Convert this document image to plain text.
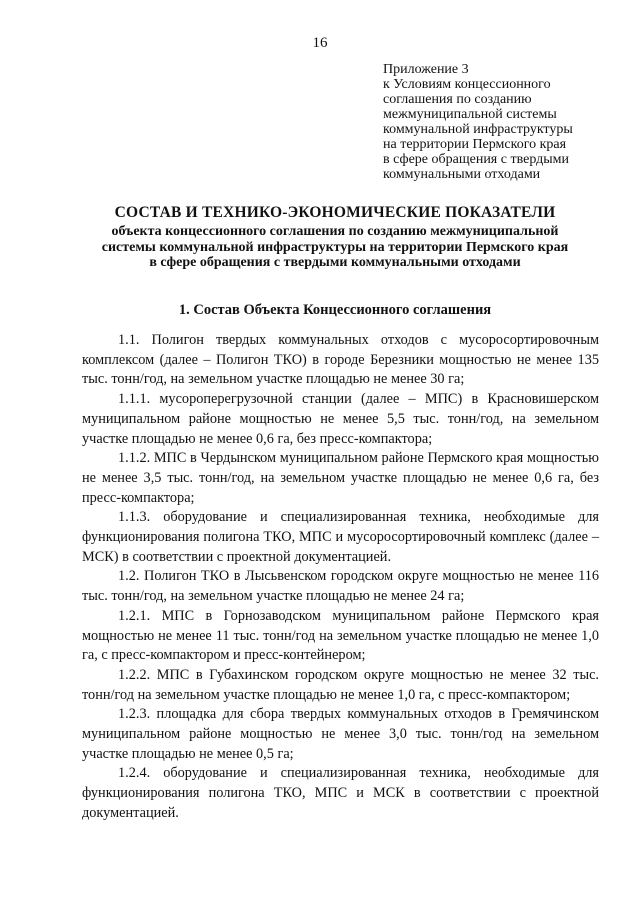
16
Приложение 3
к Условиям концессионного
соглашения по созданию
межмуниципальной системы
коммунальной инфраструктуры
на территории Пермского края
в сфере обращения с твердыми
коммунальными отходами
СОСТАВ И ТЕХНИКО-ЭКОНОМИЧЕСКИЕ ПОКАЗАТЕЛИ
объекта концессионного соглашения по созданию межмуниципальной
системы коммунальной инфраструктуры на территории Пермского края
в сфере обращения с твердыми коммунальными отходами
1. Состав Объекта Концессионного соглашения

1.1. Полигон твердых коммунальных отходов с мусоросортировочным комплексом (далее – Полигон ТКО) в городе Березники мощностью не менее 135 тыс. тонн/год, на земельном участке площадью не менее 30 га;

1.1.1. мусороперегрузочной станции (далее – МПС) в Красновишерском муниципальном районе мощностью не менее 5,5 тыс. тонн/год, на земельном участке площадью не менее 0,6 га, без пресс-компактора;

1.1.2. МПС в Чердынском муниципальном районе Пермского края мощностью не менее 3,5 тыс. тонн/год, на земельном участке площадью не менее 0,6 га, без пресс-компактора;

1.1.3. оборудование и специализированная техника, необходимые для функционирования полигона ТКО, МПС и мусоросортировочный комплекс (далее – МСК) в соответствии с проектной документацией.

1.2. Полигон ТКО в Лысьвенском городском округе мощностью не менее 116 тыс. тонн/год, на земельном участке площадью не менее 24 га;

1.2.1. МПС в Горнозаводском муниципальном районе Пермского края мощностью не менее 11 тыс. тонн/год на земельном участке площадью не менее 1,0 га, с пресс-компактором и пресс-контейнером;

1.2.2. МПС в Губахинском городском округе мощностью не менее 32 тыс. тонн/год на земельном участке площадью не менее 1,0 га, с пресс-компактором;

1.2.3. площадка для сбора твердых коммунальных отходов в Гремячинском муниципальном районе мощностью не менее 3,0 тыс. тонн/год на земельном участке площадью не менее 0,5 га;

1.2.4. оборудование и специализированная техника, необходимые для функционирования полигона ТКО, МПС и МСК в соответствии с проектной документацией.
